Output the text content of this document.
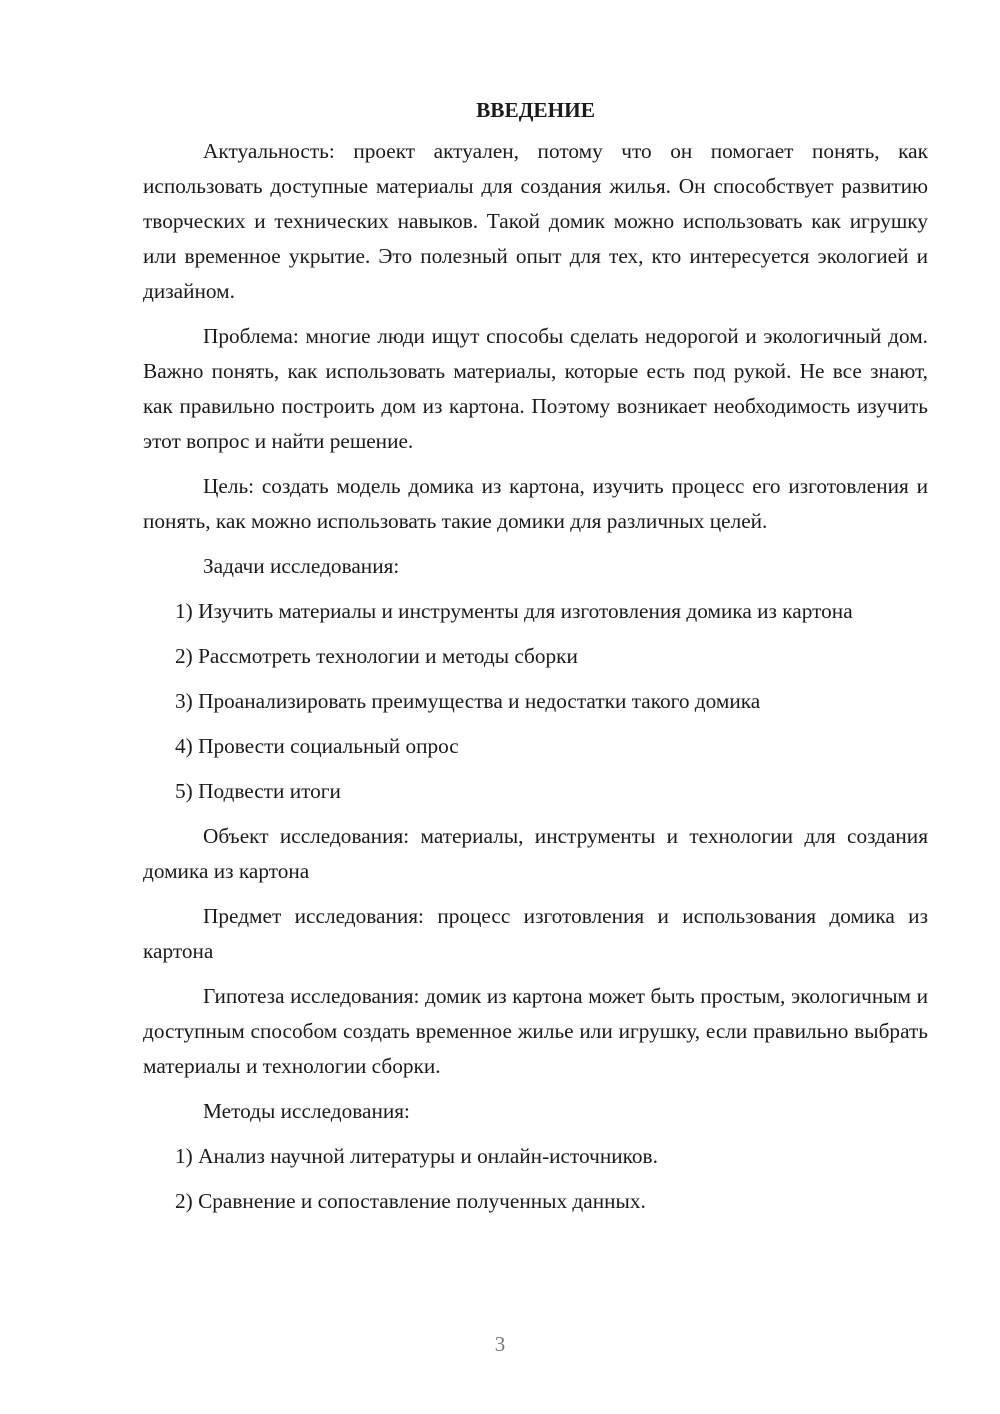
ВВЕДЕНИЕ

Актуальность: проект актуален, потому что он помогает понять, как использовать доступные материалы для создания жилья. Он способствует развитию творческих и технических навыков. Такой домик можно использовать как игрушку или временное укрытие. Это полезный опыт для тех, кто интересуется экологией и дизайном.

Проблема: многие люди ищут способы сделать недорогой и экологичный дом. Важно понять, как использовать материалы, которые есть под рукой. Не все знают, как правильно построить дом из картона. Поэтому возникает необходимость изучить этот вопрос и найти решение.

Цель: создать модель домика из картона, изучить процесс его изготовления и понять, как можно использовать такие домики для различных целей.

Задачи исследования:

1) Изучить материалы и инструменты для изготовления домика из картона

2) Рассмотреть технологии и методы сборки

3) Проанализировать преимущества и недостатки такого домика

4) Провести социальный опрос

5) Подвести итоги

Объект исследования: материалы, инструменты и технологии для создания домика из картона

Предмет исследования: процесс изготовления и использования домика из картона

Гипотеза исследования: домик из картона может быть простым, экологичным и доступным способом создать временное жилье или игрушку, если правильно выбрать материалы и технологии сборки.

Методы исследования:

1) Анализ научной литературы и онлайн-источников.

2) Сравнение и сопоставление полученных данных.

3
